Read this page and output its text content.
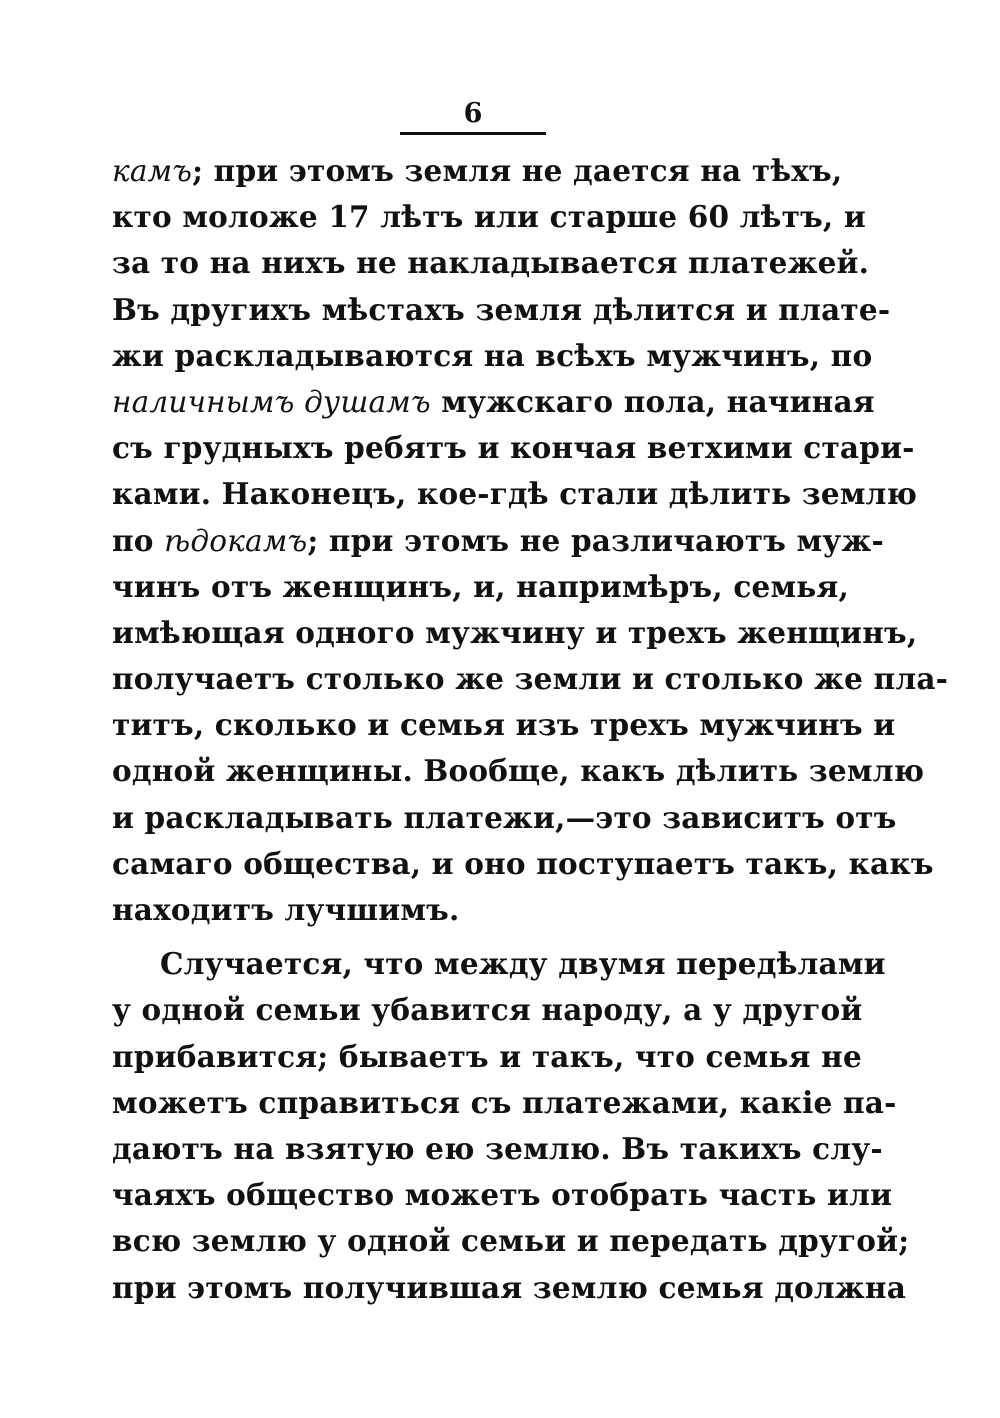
6
камъ; при этомъ земля не дается на тѣхъ,
кто моложе 17 лѣтъ или старше 60 лѣтъ, и
за то на нихъ не накладывается платежей.
Въ другихъ мѣстахъ земля дѣлится и плате-
жи раскладываются на всѣхъ мужчинъ, по
наличнымъ душамъ мужскаго пола, начиная
съ грудныхъ ребятъ и кончая ветхими стари-
ками. Наконецъ, кое-гдѣ стали дѣлить землю
по ѣдокамъ; при этомъ не различаютъ муж-
чинъ отъ женщинъ, и, напримѣръ, семья,
имѣющая одного мужчину и трехъ женщинъ,
получаетъ столько же земли и столько же пла-
титъ, сколько и семья изъ трехъ мужчинъ и
одной женщины. Вообще, какъ дѣлить землю
и раскладывать платежи,—это зависитъ отъ
самаго общества, и оно поступаетъ такъ, какъ
находитъ лучшимъ.
Случается, что между двумя передѣлами
у одной семьи убавится народу, а у другой
прибавится; бываетъ и такъ, что семья не
можетъ справиться съ платежами, какіе па-
даютъ на взятую ею землю. Въ такихъ слу-
чаяхъ общество можетъ отобрать часть или
всю землю у одной семьи и передать другой;
при этомъ получившая землю семья должна
